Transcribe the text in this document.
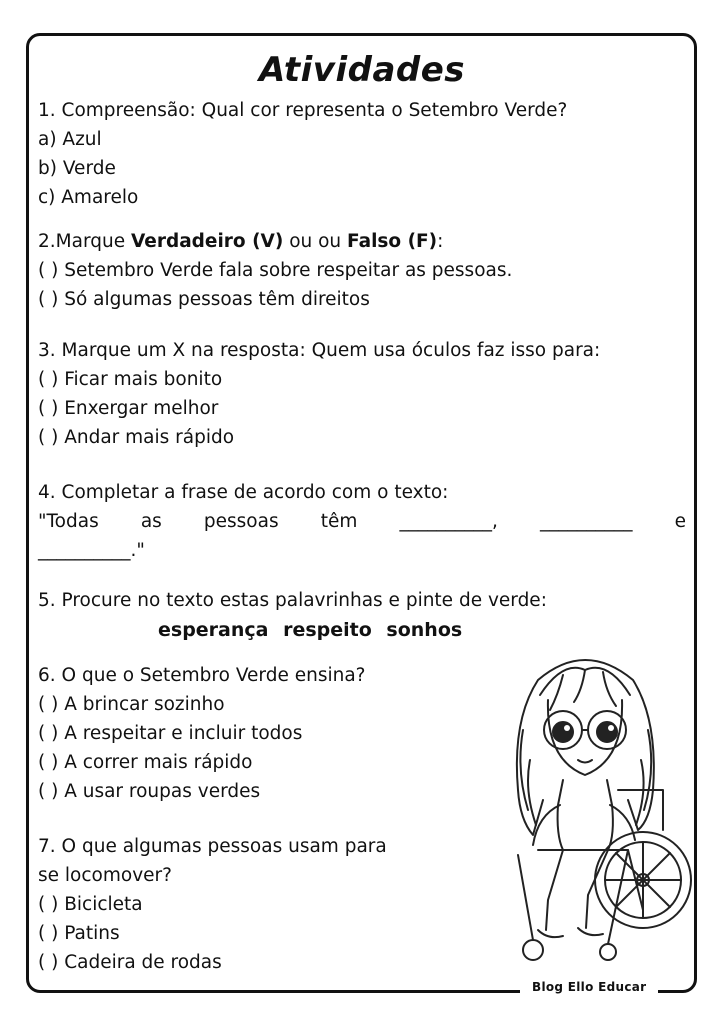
Atividades
1. Compreensão: Qual cor representa o Setembro Verde?
a) Azul
b) Verde
c) Amarelo
2.Marque Verdadeiro (V) ou ou Falso (F):
( ) Setembro Verde fala sobre respeitar as pessoas.
( ) Só algumas pessoas têm direitos
3. Marque um X na resposta: Quem usa óculos faz isso para:
( ) Ficar mais bonito
( ) Enxergar melhor
( ) Andar mais rápido
4. Completar a frase de acordo com o texto:
"Todas as pessoas têm __________, __________ e
__________."
5. Procure no texto estas palavrinhas e pinte de verde:
esperança respeito sonhos
6. O que o Setembro Verde ensina?
( ) A brincar sozinho
( ) A respeitar e incluir todos
( ) A correr mais rápido
( ) A usar roupas verdes
7. O que algumas pessoas usam para
se locomover?
( ) Bicicleta
( ) Patins
( ) Cadeira de rodas
Blog Ello Educar
